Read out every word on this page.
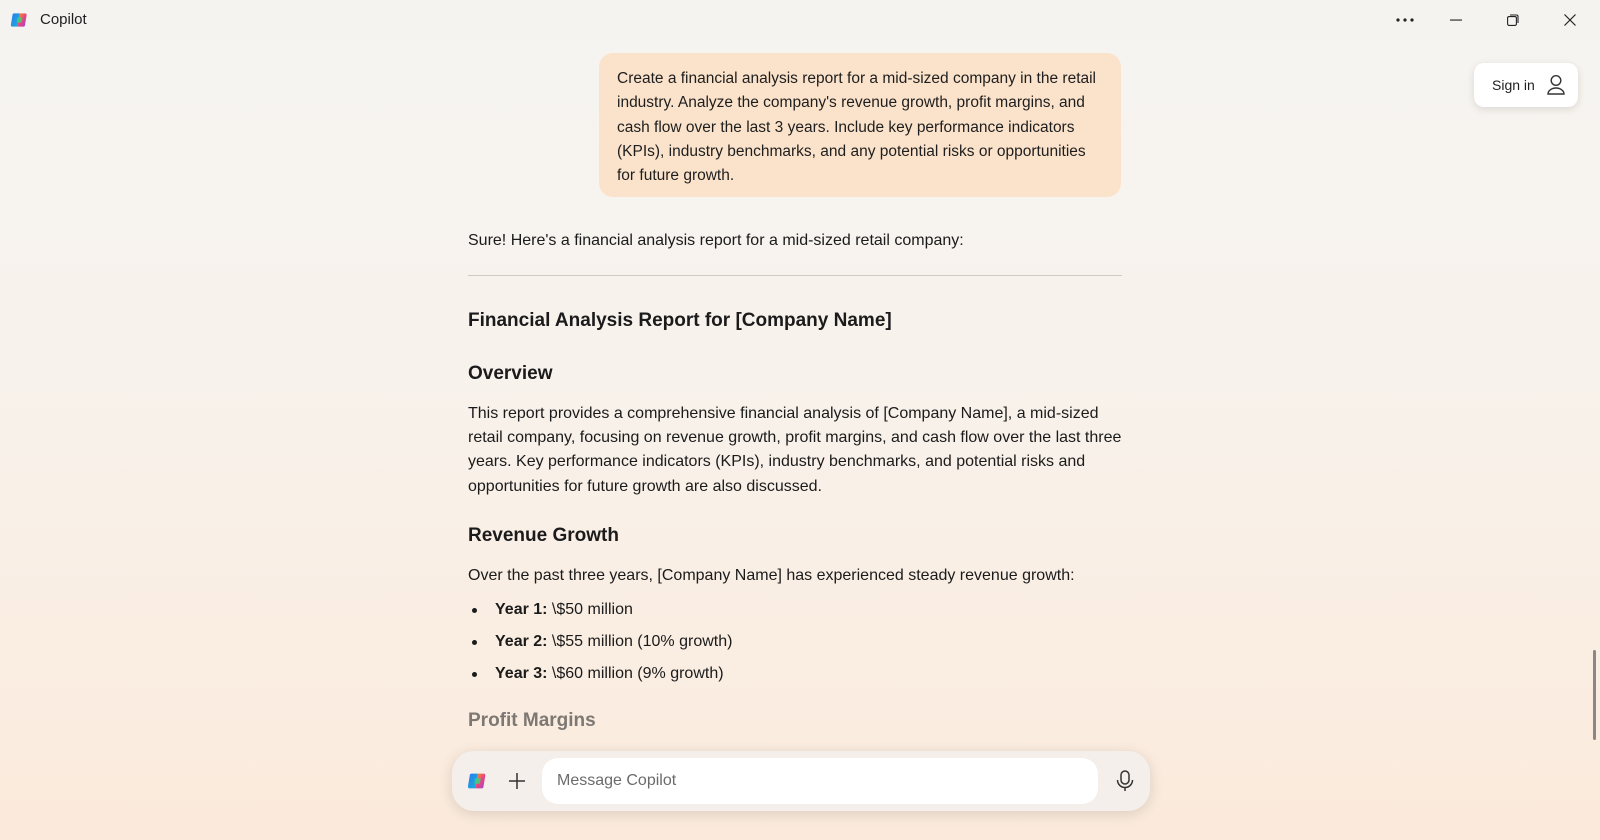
Copilot
Sign in
Create a financial analysis report for a mid-sized company in the retail industry. Analyze the company's revenue growth, profit margins, and cash flow over the last 3 years. Include key performance indicators (KPIs), industry benchmarks, and any potential risks or opportunities for future growth.

Sure! Here's a financial analysis report for a mid-sized retail company:

Financial Analysis Report for [Company Name]
Overview

This report provides a comprehensive financial analysis of [Company Name], a mid-sized retail company, focusing on revenue growth, profit margins, and cash flow over the last three years. Key performance indicators (KPIs), industry benchmarks, and potential risks and opportunities for future growth are also discussed.

Revenue Growth

Over the past three years, [Company Name] has experienced steady revenue growth:

Year 1: \$50 million
Year 2: \$55 million (10% growth)
Year 3: \$60 million (9% growth)
Profit Margins
Message Copilot
